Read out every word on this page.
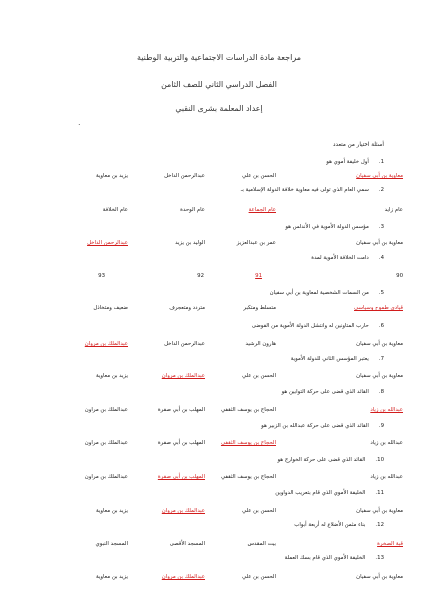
مراجعة مادة الدراسات الاجتماعية والتربية الوطنية
الفصل الدراسي الثاني للصف الثامن
إعداد المعلمة بشرى النقبي
.
أسئلة اختيار من متعدد
1.أول خليفة أموي هو
معاوية بن أبي سفيان
الحسن بن علي
عبدالرحمن الداخل
يزيد بن معاوية
2.سمي العام الذي تولى فيه معاوية خلافة الدولة الإسلامية بـ
عام زايد
عام الجماعة
عام الوحدة
عام الخلافة
3.مؤسس الدولة الأموية في الأندلس هو
معاوية بن أبي سفيان
عمر بن عبدالعزيز
الوليد بن يزيد
عبدالرحمن الداخل
4.دامت الخلافة الأموية لمدة
90
91
92
93
5.من السمات الشخصية لمعاوية بن أبي سفيان
قيادي طموح وسياسي
متسلط ومتكبر
متردد ومتعجرف
ضعيف ومتخاذل
6.حارب المتاونين له وانتشل الدولة الأموية من الفوضى
معاوية بن أبي سفيان
هارون الرشيد
عبدالرحمن الداخل
عبدالملك بن مروان
7.يعتبر المؤسس الثاني للدولة الأموية
معاوية بن أبي سفيان
الحسن بن علي
عبدالملك بن مروان
يزيد بن معاوية
8.القائد الذي قضى على حركة التوابين هو
عبدالله بن زياد
الحجاج بن يوسف الثقفي
المهلب بن أبي صفرة
عبدالملك بن مراون
9.القائد الذي قضى على حركة عبدالله بن الزبير هو
عبدالله بن زياد
الحجاج بن يوسف الثقفي
المهلب بن أبي صفرة
عبدالملك بن مراون
10.القائد الذي قضى على حركة الخوارج هو
عبدالله بن زياد
الحجاج بن يوسف الثقفي
المهلب بن أبي صفرة
عبدالملك بن مراون
11.الخليفة الأموي الذي قام بتعريب الدواوين
معاوية بن أبي سفيان
الحسن بن علي
عبدالملك بن مروان
يزيد بن معاوية
12.بناء مثمن الأضلاع له أربعة أبواب
قبة الصخرة
بيت المقدس
المسجد الأقصى
المسجد النبوي
13.الخليفة الأموي الذي قام بسك العملة
معاوية بن أبي سفيان
الحسن بن علي
عبدالملك بن مروان
يزيد بن معاوية
